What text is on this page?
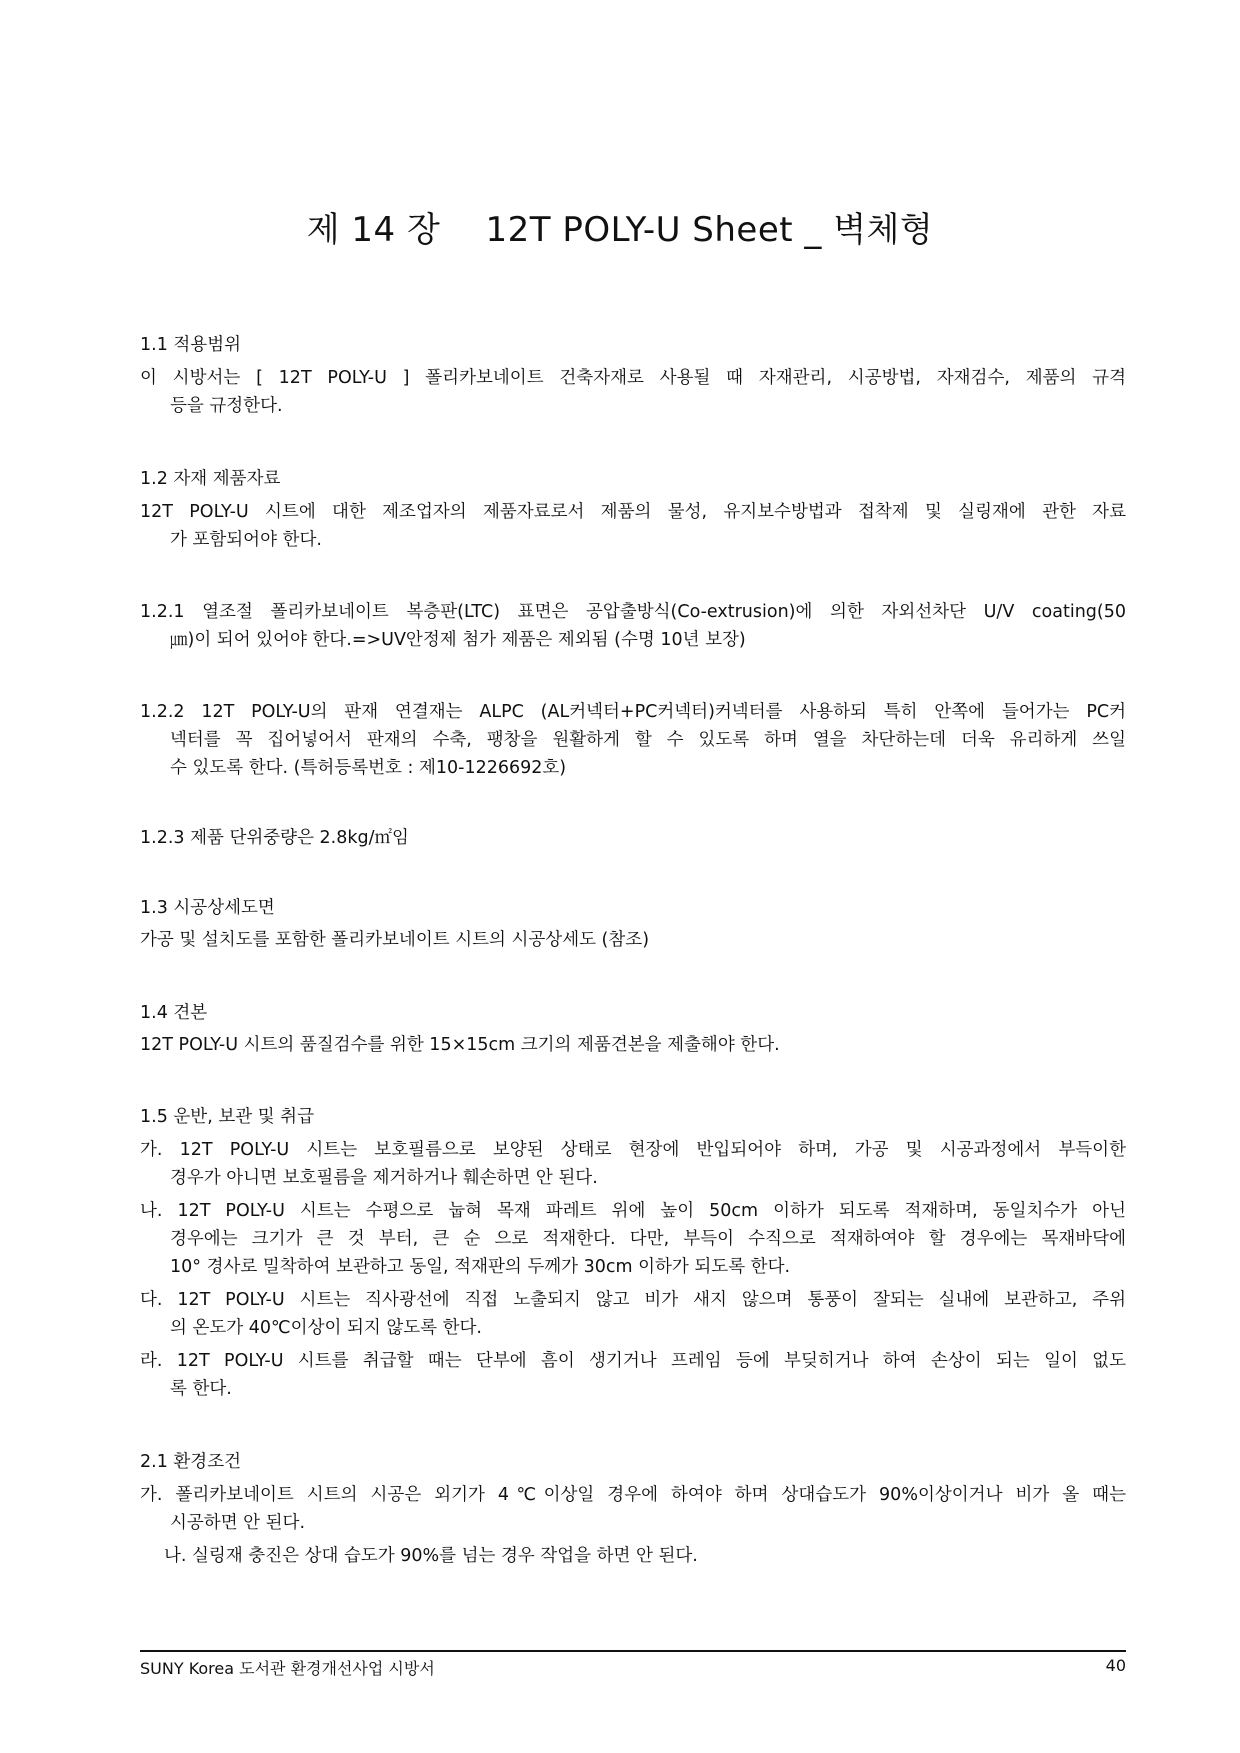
제 14 장    12T POLY-U Sheet _ 벽체형
1.1 적용범위
이 시방서는 [ 12T POLY-U ] 폴리카보네이트 건축자재로 사용될 때 자재관리, 시공방법, 자재검수, 제품의 규격
등을 규정한다.
1.2 자재 제품자료
12T POLY-U 시트에 대한 제조업자의 제품자료로서 제품의 물성, 유지보수방법과 접착제 및 실링재에 관한 자료
가 포함되어야 한다.
1.2.1 열조절 폴리카보네이트 복층판(LTC) 표면은 공압출방식(Co-extrusion)에 의한 자외선차단 U/V coating(50
㎛)이 되어 있어야 한다.=>UV안정제 첨가 제품은 제외됨 (수명 10년 보장)
1.2.2 12T POLY-U의 판재 연결재는 ALPC (AL커넥터+PC커넥터)커넥터를 사용하되 특히 안쪽에 들어가는 PC커
넥터를 꼭 집어넣어서 판재의 수축, 팽창을 원활하게 할 수 있도록 하며 열을 차단하는데 더욱 유리하게 쓰일
수 있도록 한다. (특허등록번호 : 제10-1226692호)
1.2.3 제품 단위중량은 2.8kg/㎡임
1.3 시공상세도면
가공 및 설치도를 포함한 폴리카보네이트 시트의 시공상세도 (참조)
1.4 견본
12T POLY-U 시트의 품질검수를 위한 15×15cm 크기의 제품견본을 제출해야 한다.
1.5 운반, 보관 및 취급
가. 12T POLY-U 시트는 보호필름으로 보양된 상태로 현장에 반입되어야 하며, 가공 및 시공과정에서 부득이한
경우가 아니면 보호필름을 제거하거나 훼손하면 안 된다.
나. 12T POLY-U 시트는 수평으로 눕혀 목재 파레트 위에 높이 50cm 이하가 되도록 적재하며, 동일치수가 아닌
경우에는 크기가 큰 것 부터, 큰 순 으로 적재한다. 다만, 부득이 수직으로 적재하여야 할 경우에는 목재바닥에
10° 경사로 밀착하여 보관하고 동일, 적재판의 두께가 30cm 이하가 되도록 한다.
다. 12T POLY-U 시트는 직사광선에 직접 노출되지 않고 비가 새지 않으며 통풍이 잘되는 실내에 보관하고, 주위
의 온도가 40℃이상이 되지 않도록 한다.
라. 12T POLY-U 시트를 취급할 때는 단부에 흠이 생기거나 프레임 등에 부딪히거나 하여 손상이 되는 일이 없도
록 한다.
2.1 환경조건
가. 폴리카보네이트 시트의 시공은 외기가 4℃이상일 경우에 하여야 하며 상대습도가 90%이상이거나 비가 올 때는
시공하면 안 된다.
나. 실링재 충진은 상대 습도가 90%를 넘는 경우 작업을 하면 안 된다.
SUNY Korea 도서관 환경개선사업 시방서	40
